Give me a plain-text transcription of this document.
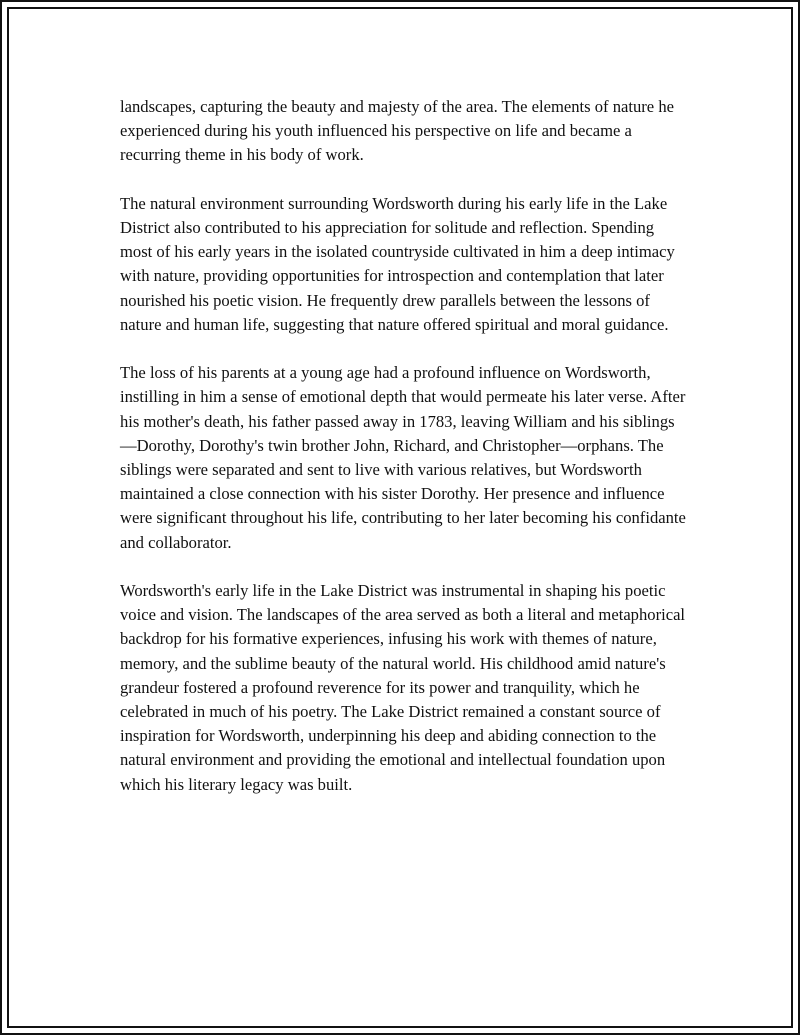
landscapes, capturing the beauty and majesty of the area. The elements of nature he experienced during his youth influenced his perspective on life and became a recurring theme in his body of work.

The natural environment surrounding Wordsworth during his early life in the Lake District also contributed to his appreciation for solitude and reflection. Spending most of his early years in the isolated countryside cultivated in him a deep intimacy with nature, providing opportunities for introspection and contemplation that later nourished his poetic vision. He frequently drew parallels between the lessons of nature and human life, suggesting that nature offered spiritual and moral guidance.

The loss of his parents at a young age had a profound influence on Wordsworth, instilling in him a sense of emotional depth that would permeate his later verse. After his mother's death, his father passed away in 1783, leaving William and his siblings—Dorothy, Dorothy's twin brother John, Richard, and Christopher—orphans. The siblings were separated and sent to live with various relatives, but Wordsworth maintained a close connection with his sister Dorothy. Her presence and influence were significant throughout his life, contributing to her later becoming his confidante and collaborator.

Wordsworth's early life in the Lake District was instrumental in shaping his poetic voice and vision. The landscapes of the area served as both a literal and metaphorical backdrop for his formative experiences, infusing his work with themes of nature, memory, and the sublime beauty of the natural world. His childhood amid nature's grandeur fostered a profound reverence for its power and tranquility, which he celebrated in much of his poetry. The Lake District remained a constant source of inspiration for Wordsworth, underpinning his deep and abiding connection to the natural environment and providing the emotional and intellectual foundation upon which his literary legacy was built.
